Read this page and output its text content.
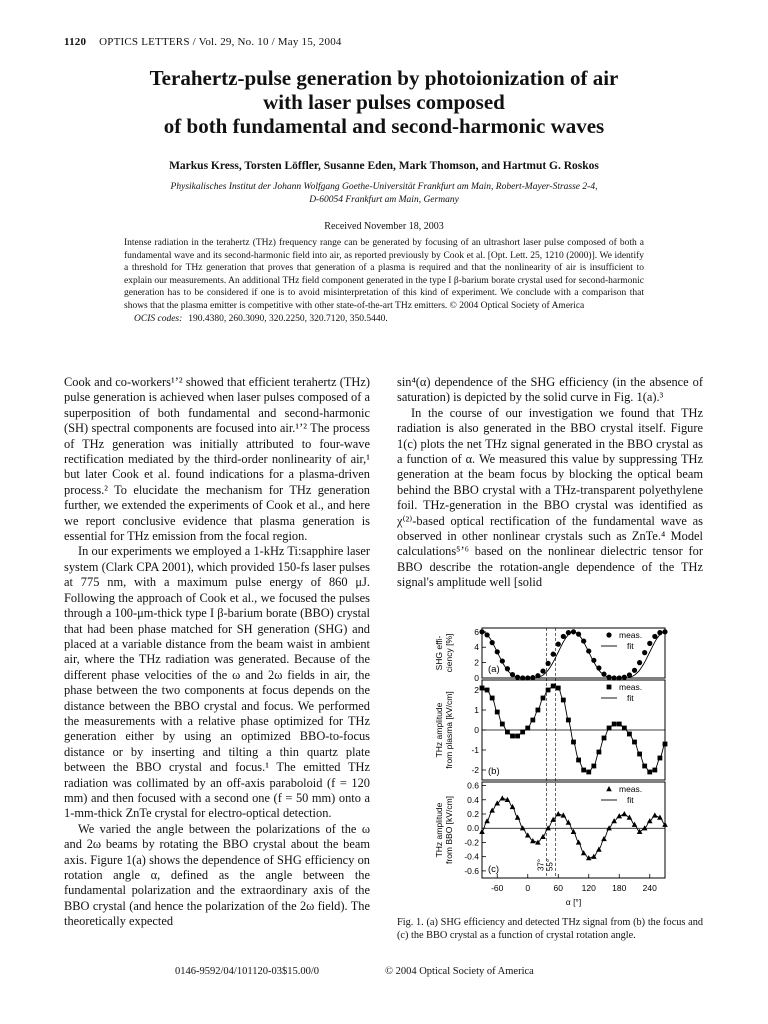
1120 OPTICS LETTERS / Vol. 29, No. 10 / May 15, 2004
Terahertz-pulse generation by photoionization of air
with laser pulses composed
of both fundamental and second-harmonic waves
Markus Kress, Torsten Löffler, Susanne Eden, Mark Thomson, and Hartmut G. Roskos
Physikalisches Institut der Johann Wolfgang Goethe-Universität Frankfurt am Main, Robert-Mayer-Strasse 2-4,
D-60054 Frankfurt am Main, Germany
Received November 18, 2003
Intense radiation in the terahertz (THz) frequency range can be generated by focusing of an ultrashort laser pulse composed of both a fundamental wave and its second-harmonic field into air, as reported previously by Cook et al. [Opt. Lett. 25, 1210 (2000)]. We identify a threshold for THz generation that proves that generation of a plasma is required and that the nonlinearity of air is insufficient to explain our measurements. An additional THz field component generated in the type I β-barium borate crystal used for second-harmonic generation has to be considered if one is to avoid misinterpretation of this kind of experiment. We conclude with a comparison that shows that the plasma emitter is competitive with other state-of-the-art THz emitters. © 2004 Optical Society of America
OCIS codes: 190.4380, 260.3090, 320.2250, 320.7120, 350.5440.

Cook and co-workers¹ʼ² showed that efficient terahertz (THz) pulse generation is achieved when laser pulses composed of a superposition of both fundamental and second-harmonic (SH) spectral components are focused into air.¹ʼ² The process of THz generation was initially attributed to four-wave rectification mediated by the third-order nonlinearity of air,¹ but later Cook et al. found indications for a plasma-driven process.² To elucidate the mechanism for THz generation further, we extended the experiments of Cook et al., and here we report conclusive evidence that plasma generation is essential for THz emission from the focal region.

In our experiments we employed a 1-kHz Ti:sapphire laser system (Clark CPA 2001), which provided 150-fs laser pulses at 775 nm, with a maximum pulse energy of 860 μJ. Following the approach of Cook et al., we focused the pulses through a 100-μm-thick type I β-barium borate (BBO) crystal that had been phase matched for SH generation (SHG) and placed at a variable distance from the beam waist in ambient air, where the THz radiation was generated. Because of the different phase velocities of the ω and 2ω fields in air, the phase between the two components at focus depends on the distance between the BBO crystal and focus. We performed the measurements with a relative phase optimized for THz generation either by using an optimized BBO-to-focus distance or by inserting and tilting a thin quartz plate between the BBO crystal and focus.¹ The emitted THz radiation was collimated by an off-axis paraboloid (f = 120 mm) and then focused with a second one (f = 50 mm) onto a 1-mm-thick ZnTe crystal for electro-optical detection.

We varied the angle between the polarizations of the ω and 2ω beams by rotating the BBO crystal about the beam axis. Figure 1(a) shows the dependence of SHG efficiency on rotation angle α, defined as the angle between the fundamental polarization and the extraordinary axis of the BBO crystal (and hence the polarization of the 2ω field). The theoretically expected

sin⁴(α) dependence of the SHG efficiency (in the absence of saturation) is depicted by the solid curve in Fig. 1(a).³

In the course of our investigation we found that THz radiation is also generated in the BBO crystal itself. Figure 1(c) plots the net THz signal generated in the BBO crystal as a function of α. We measured this value by suppressing THz generation at the beam focus by blocking the optical beam behind the BBO crystal with a THz-transparent polyethylene foil. THz-generation in the BBO crystal was identified as χ⁽²⁾-based optical rectification of the fundamental wave as observed in other nonlinear crystals such as ZnTe.⁴ Model calculations⁵ʼ⁶ based on the nonlinear dielectric tensor for BBO describe the rotation-angle dependence of the THz signal's amplitude well [solid

0
2
4
6
SHG effi- ciency [%]	(a)
meas.
fit
-2
-1
0
1
2
THz amplitude from plasma [kV/cm]
(b)
meas.
fit
-0.6
-0.4
-0.2
0.0
0.2
0.4
0.6
THz amplitude from BBO [kV/cm]
(c)
meas.
fit
37° 55°
-60	0	60 120 180 240
α [°]
Fig. 1. (a) SHG efficiency and detected THz signal from (b) the focus and (c) the BBO crystal as a function of crystal rotation angle.
0146-9592/04/101120-03$15.00/0	© 2004 Optical Society of America
